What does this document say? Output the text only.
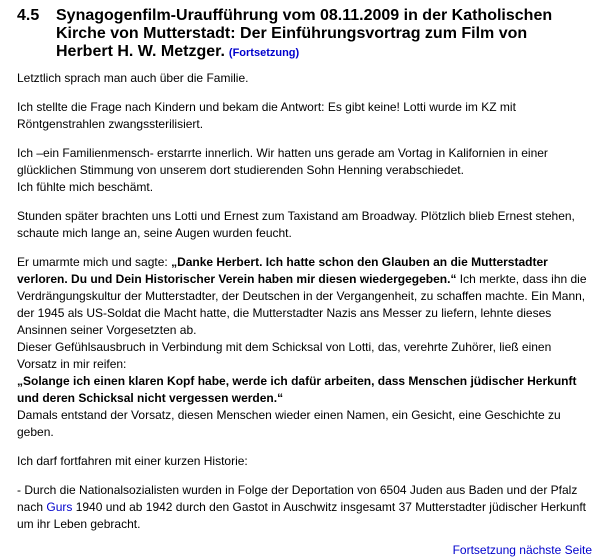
4.5	Synagogenfilm-Uraufführung vom 08.11.2009 in der Katholischen Kirche von Mutterstadt: Der Einführungsvortrag zum Film von Herbert H. W. Metzger. (Fortsetzung)

Letztlich sprach man auch über die Familie.

Ich stellte die Frage nach Kindern und bekam die Antwort: Es gibt keine! Lotti wurde im KZ mit Röntgenstrahlen zwangssterilisiert.

Ich –ein Familienmensch- erstarrte innerlich. Wir hatten uns gerade am Vortag in Kalifornien in einer glücklichen Stimmung von unserem dort studierenden Sohn Henning verabschiedet.

Ich fühlte mich beschämt.

Stunden später brachten uns Lotti und Ernest zum Taxistand am Broadway. Plötzlich blieb Ernest stehen, schaute mich lange an, seine Augen wurden feucht.

Er umarmte mich und sagte: „Danke Herbert. Ich hatte schon den Glauben an die Mutterstadter verloren. Du und Dein Historischer Verein haben mir diesen wiedergegeben.“ Ich merkte, dass ihn die Verdrängungskultur der Mutterstadter, der Deutschen in der Vergangenheit, zu schaffen machte. Ein Mann, der 1945 als US-Soldat die Macht hatte, die Mutterstadter Nazis ans Messer zu liefern, lehnte dieses Ansinnen seiner Vorgesetzten ab.

Dieser Gefühlsausbruch in Verbindung mit dem Schicksal von Lotti, das, verehrte Zuhörer, ließ einen Vorsatz in mir reifen:

„Solange ich einen klaren Kopf habe, werde ich dafür arbeiten, dass Menschen jüdischer Herkunft und deren Schicksal nicht vergessen werden.“

Damals entstand der Vorsatz, diesen Menschen wieder einen Namen, ein Gesicht, eine Geschichte zu geben.

Ich darf fortfahren mit einer kurzen Historie:

- Durch die Nationalsozialisten wurden in Folge der Deportation von 6504 Juden aus Baden und der Pfalz nach Gurs 1940 und ab 1942 durch den Gastot in Auschwitz insgesamt 37 Mutterstadter jüdischer Herkunft um ihr Leben gebracht.

Fortsetzung nächste Seite
